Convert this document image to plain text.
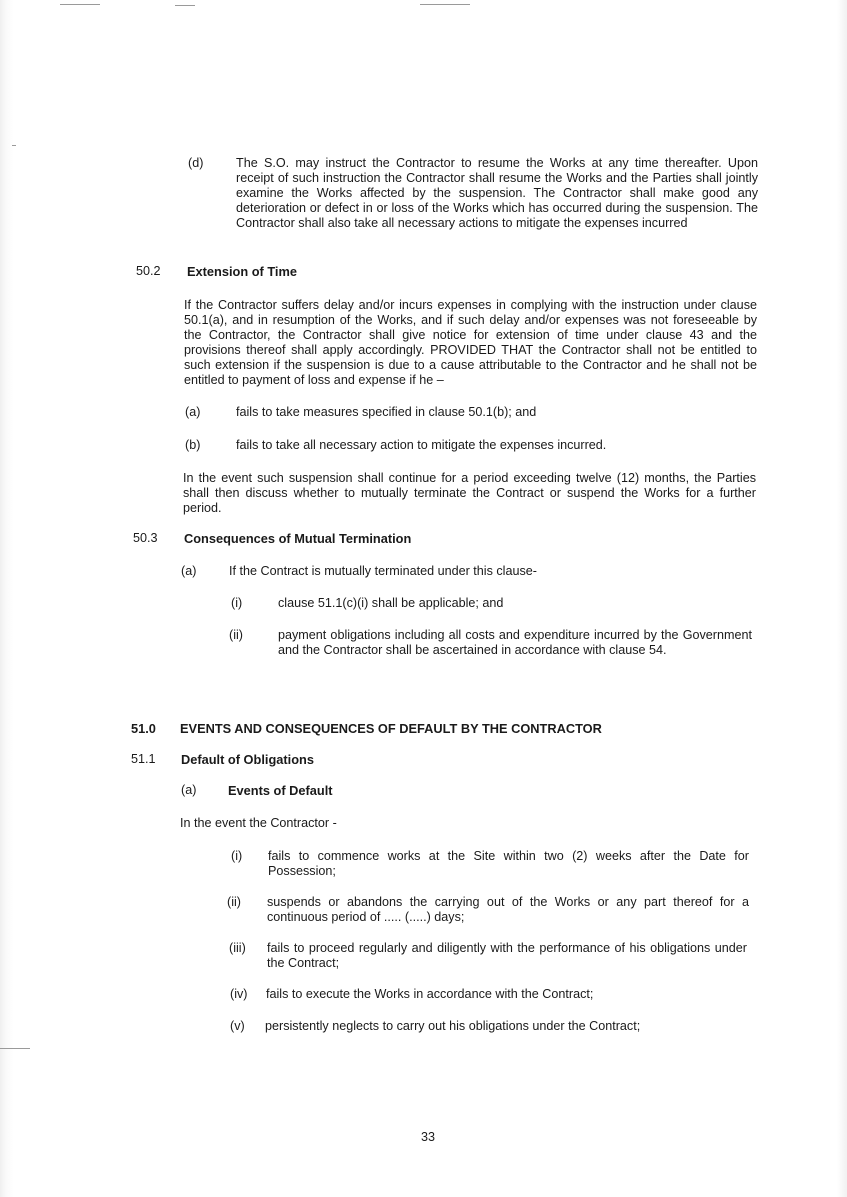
(d)	The S.O. may instruct the Contractor to resume the Works at any time thereafter. Upon receipt of such instruction the Contractor shall resume the Works and the Parties shall jointly examine the Works affected by the suspension. The Contractor shall make good any deterioration or defect in or loss of the Works which has occurred during the suspension. The Contractor shall also take all necessary actions to mitigate the expenses incurred

50.2 Extension of Time

If the Contractor suffers delay and/or incurs expenses in complying with the instruction under clause 50.1(a), and in resumption of the Works, and if such delay and/or expenses was not foreseeable by the Contractor, the Contractor shall give notice for extension of time under clause 43 and the provisions thereof shall apply accordingly. PROVIDED THAT the Contractor shall not be entitled to such extension if the suspension is due to a cause attributable to the Contractor and he shall not be entitled to payment of loss and expense if he –

(a)	fails to take measures specified in clause 50.1(b); and
(b)	fails to take all necessary action to mitigate the expenses incurred.

In the event such suspension shall continue for a period exceeding twelve (12) months, the Parties shall then discuss whether to mutually terminate the Contract or suspend the Works for a further period.

50.3 Consequences of Mutual Termination
(a)	If the Contract is mutually terminated under this clause-
(i)	clause 51.1(c)(i) shall be applicable; and
(ii)	payment obligations including all costs and expenditure incurred by the Government and the Contractor shall be ascertained in accordance with clause 54.

51.0 EVENTS AND CONSEQUENCES OF DEFAULT BY THE CONTRACTOR
51.1 Default of Obligations
(a) Events of Default
In the event the Contractor -
(i) fails to commence works at the Site within two (2) weeks after the Date for Possession;

(ii) suspends or abandons the carrying out of the Works or any part thereof for a continuous period of ..... (.....) days;

(iii) fails to proceed regularly and diligently with the performance of his obligations under the Contract;

(iv) fails to execute the Works in accordance with the Contract;
(v) persistently neglects to carry out his obligations under the Contract;
33
